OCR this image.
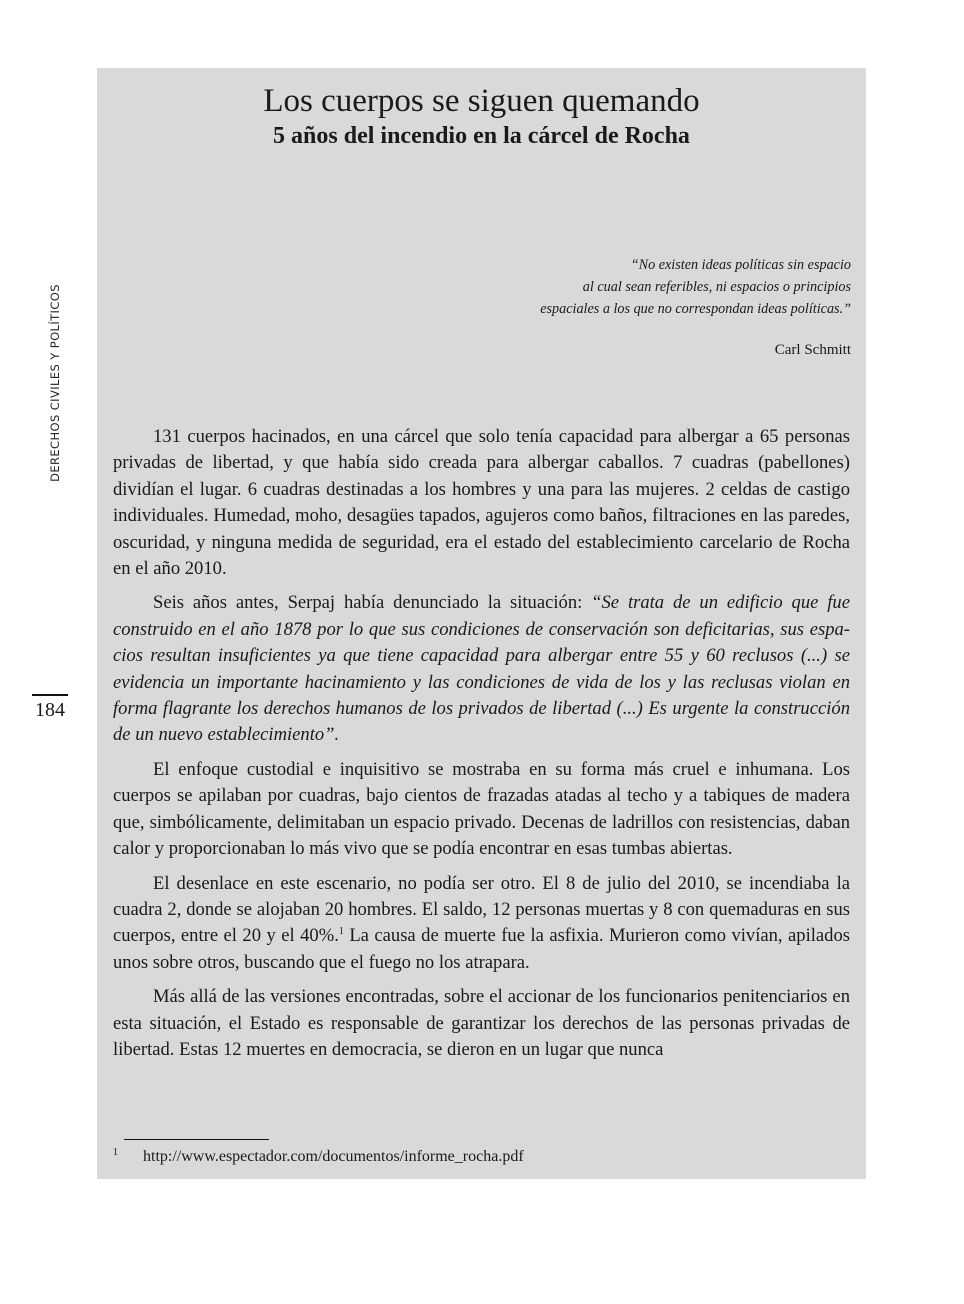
DERECHOS CIVILES Y POLÍTICOS
184
Los cuerpos se siguen quemando
5 años del incendio en la cárcel de Rocha
“No existen ideas políticas sin espacio
al cual sean referibles, ni espacios o principios
espaciales a los que no correspondan ideas políticas.”
Carl Schmitt

131 cuerpos hacinados, en una cárcel que solo tenía capacidad para albergar a 65 personas privadas de libertad, y que había sido creada para albergar caballos. 7 cuadras (pabellones) dividían el lugar. 6 cuadras destinadas a los hombres y una para las mujeres. 2 celdas de castigo individuales. Humedad, moho, desagües tapados, agujeros como baños, filtraciones en las paredes, oscuridad, y ninguna medida de seguridad, era el estado del establecimiento carcelario de Rocha en el año 2010.

Seis años antes, Serpaj había denunciado la situación: “Se trata de un edificio que fue construido en el año 1878 por lo que sus condiciones de conservación son deficitarias, sus espacios resultan insuficientes ya que tiene capacidad para albergar entre 55 y 60 reclusos (...) se evidencia un importante hacinamiento y las condiciones de vida de los y las reclusas violan en forma flagrante los derechos humanos de los privados de libertad (...) Es urgente la construcción de un nuevo establecimiento”.

El enfoque custodial e inquisitivo se mostraba en su forma más cruel e inhumana. Los cuerpos se apilaban por cuadras, bajo cientos de frazadas atadas al techo y a tabiques de madera que, simbólicamente, delimitaban un espacio privado. Decenas de ladrillos con resistencias, daban calor y proporcionaban lo más vivo que se podía encontrar en esas tumbas abiertas.

El desenlace en este escenario, no podía ser otro. El 8 de julio del 2010, se incendiaba la cuadra 2, donde se alojaban 20 hombres. El saldo, 12 personas muertas y 8 con quemaduras en sus cuerpos, entre el 20 y el 40%.$^1$ La causa de muerte fue la asfixia. Murieron como vivían, apilados unos sobre otros, buscando que el fuego no los atrapara.

Más allá de las versiones encontradas, sobre el accionar de los funcionarios penitenciarios en esta situación, el Estado es responsable de garantizar los derechos de las personas privadas de libertad. Estas 12 muertes en democracia, se dieron en un lugar que nunca

1 http://www.espectador.com/documentos/informe_rocha.pdf
